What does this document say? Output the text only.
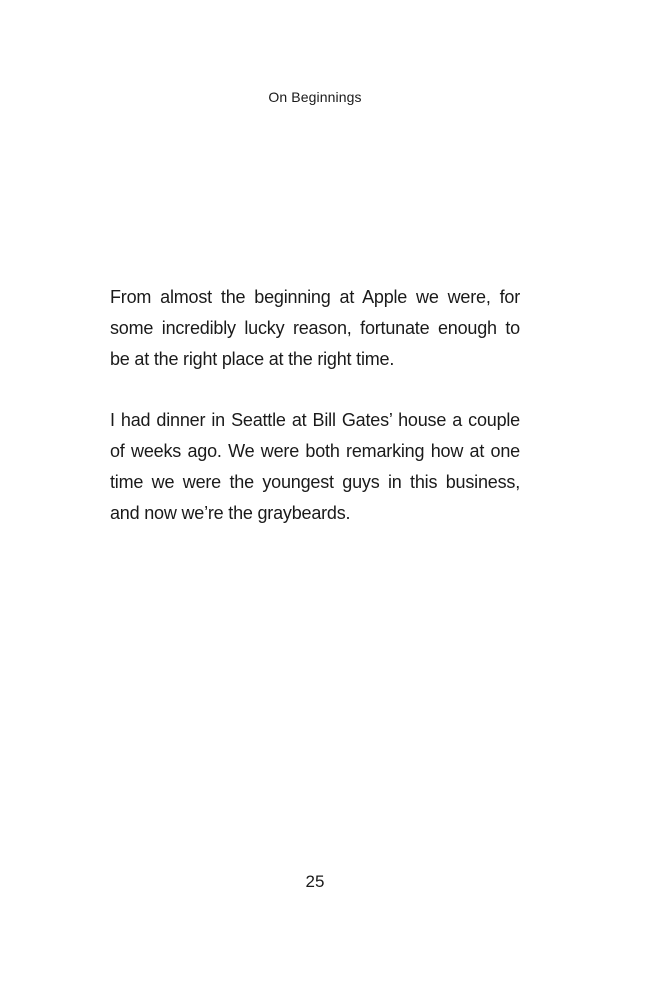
On Beginnings

From almost the beginning at Apple we were, for some incredibly lucky reason, fortunate enough to be at the right place at the right time.

I had dinner in Seattle at Bill Gates’ house a couple of weeks ago. We were both remarking how at one time we were the youngest guys in this business, and now we’re the graybeards.

25
